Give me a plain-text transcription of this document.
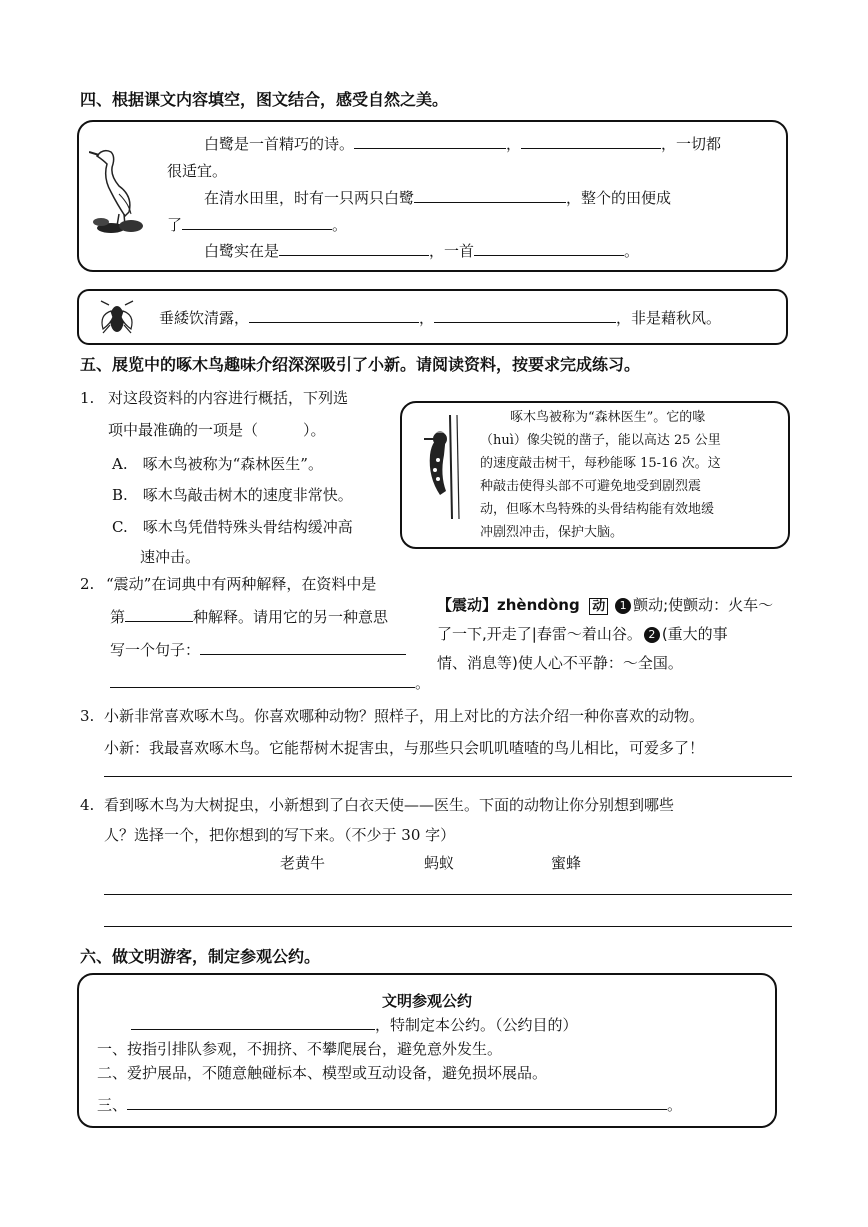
四、根据课文内容填空，图文结合，感受自然之美。
白鹭是一首精巧的诗。	，	，一切都
很适宜。
在清水田里，时有一只两只白鹭	，整个的田便成
了	。
白鹭实在是	，一首	。
垂緌饮清露，	，	，非是藉秋风。
五、展览中的啄木鸟趣味介绍深深吸引了小新。请阅读资料，按要求完成练习。
1. 对这段资料的内容进行概括，下列选
项中最准确的一项是（　　　）。
A.　啄木鸟被称为“森林医生”。
B.　啄木鸟敲击树木的速度非常快。
C.　啄木鸟凭借特殊头骨结构缓冲高
速冲击。
啄木鸟被称为“森林医生”。它的喙
（huì）像尖锐的凿子，能以高达 25 公里
的速度敲击树干，每秒能啄 15-16 次。这
种敲击使得头部不可避免地受到剧烈震
动，但啄木鸟特殊的头骨结构能有效地缓
冲剧烈冲击，保护大脑。
2. “震动”在词典中有两种解释，在资料中是
第	种解释。请用它的另一种意思
写一个句子：
。
【震动】zhèndòng 动 1 颤动;使颤动：火车～
了一下,开走了|春雷～着山谷。 2 (重大的事
情、消息等)使人心不平静：～全国。
3. 小新非常喜欢啄木鸟。你喜欢哪种动物？照样子，用上对比的方法介绍一种你喜欢的动物。
小新：我最喜欢啄木鸟。它能帮树木捉害虫，与那些只会叽叽喳喳的鸟儿相比，可爱多了！
4. 看到啄木鸟为大树捉虫，小新想到了白衣天使——医生。下面的动物让你分别想到哪些
人？选择一个，把你想到的写下来。（不少于 30 字）
老黄牛	蚂蚁	蜜蜂
六、做文明游客，制定参观公约。
文明参观公约
，特制定本公约。（公约目的）
一、按指引排队参观，不拥挤、不攀爬展台，避免意外发生。
二、爱护展品，不随意触碰标本、模型或互动设备，避免损坏展品。
三、	。
